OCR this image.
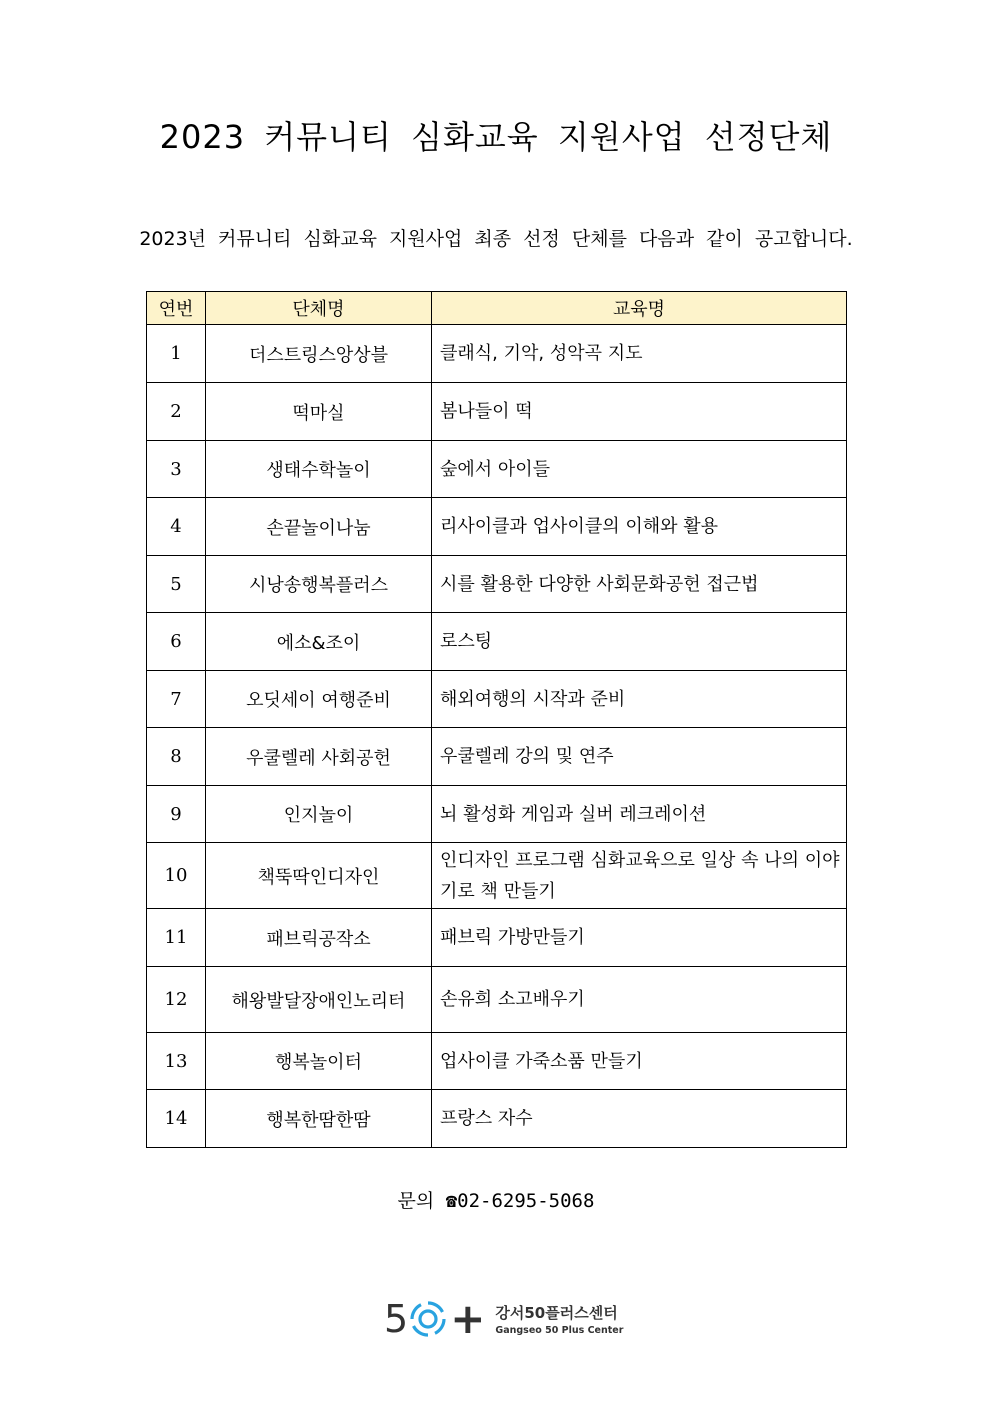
2023 커뮤니티 심화교육 지원사업 선정단체
2023년 커뮤니티 심화교육 지원사업 최종 선정 단체를 다음과 같이 공고합니다.
연번	단체명	교육명
1	더스트링스앙상블	클래식, 기악, 성악곡 지도
2	떡마실	봄나들이 떡
3	생태수학놀이	숲에서 아이들
4	손끝놀이나눔	리사이클과 업사이클의 이해와 활용
5	시낭송행복플러스	시를 활용한 다양한 사회문화공헌 접근법
6	에소&조이	로스팅
7	오딧세이 여행준비	해외여행의 시작과 준비
8	우쿨렐레 사회공헌	우쿨렐레 강의 및 연주
9	인지놀이	뇌 활성화 게임과 실버 레크레이션
10	책뚝딱인디자인	인디자인 프로그램 심화교육으로 일상 속 나의 이야기로 책 만들기
11	패브릭공작소	패브릭 가방만들기
12	해왕발달장애인노리터	손유희 소고배우기
13	행복놀이터	업사이클 가죽소품 만들기
14	행복한땀한땀	프랑스 자수
문의 ☎02-6295-5068
5 + 강서50플러스센터
Gangseo 50 Plus Center
